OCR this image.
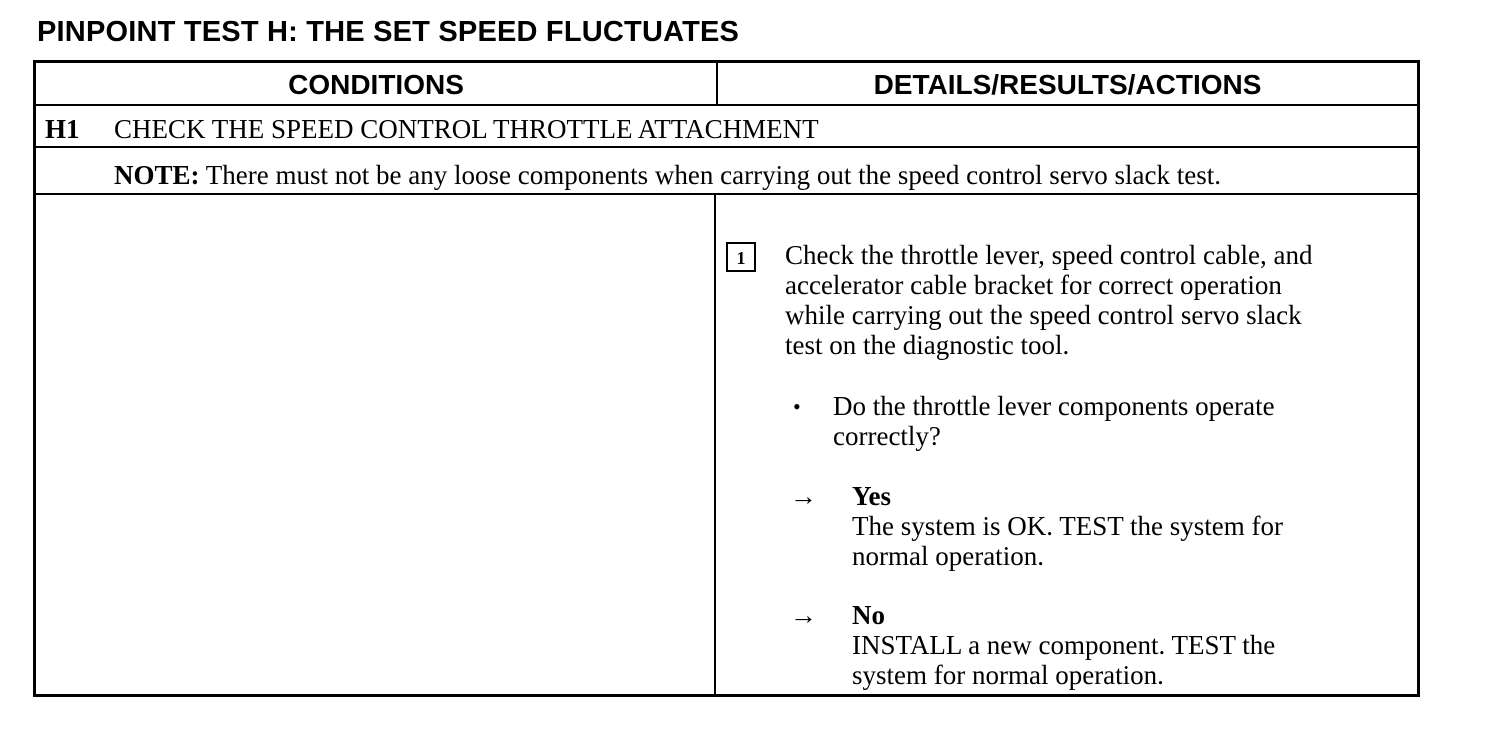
PINPOINT TEST H: THE SET SPEED FLUCTUATES
CONDITIONS	DETAILS/RESULTS/ACTIONS
H1 CHECK THE SPEED CONTROL THROTTLE ATTACHMENT
NOTE: There must not be any loose components when carrying out the speed control servo slack test.
1	Check the throttle lever, speed control cable, and
accelerator cable bracket for correct operation
while carrying out the speed control servo slack
test on the diagnostic tool.
• Do the throttle lever components operate
correctly?
→ Yes
The system is OK. TEST the system for
normal operation.
→ No
INSTALL a new component. TEST the
system for normal operation.
